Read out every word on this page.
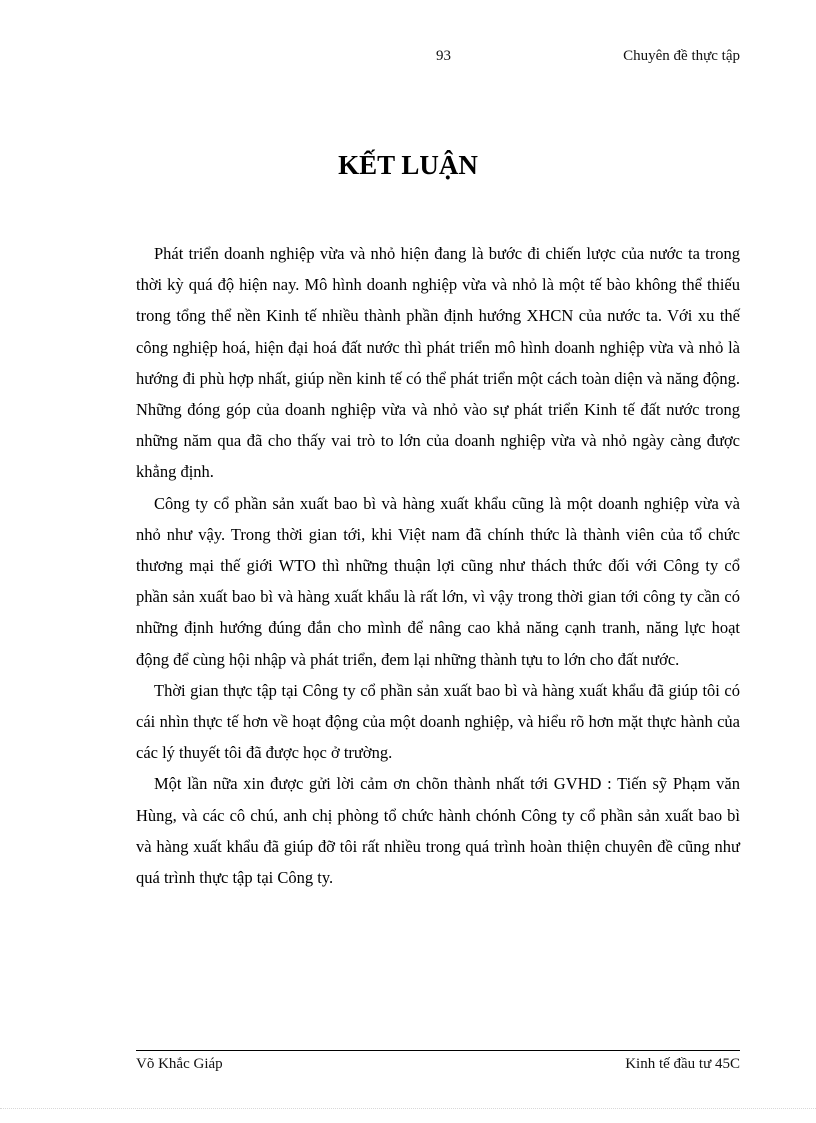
93	Chuyên đề thực tập
KẾT LUẬN

Phát triển doanh nghiệp vừa và nhỏ hiện đang là bước đi chiến lược của nước ta trong thời kỳ quá độ hiện nay. Mô hình doanh nghiệp vừa và nhỏ là một tế bào không thể thiếu trong tổng thể nền Kinh tế nhiều thành phần định hướng XHCN của nước ta. Với xu thế công nghiệp hoá, hiện đại hoá đất nước thì phát triển mô hình doanh nghiệp vừa và nhỏ là hướng đi phù hợp nhất, giúp nền kinh tế có thể phát triển một cách toàn diện và năng động. Những đóng góp của doanh nghiệp vừa và nhỏ vào sự phát triển Kinh tế đất nước trong những năm qua đã cho thấy vai trò to lớn của doanh nghiệp vừa và nhỏ ngày càng được khẳng định.

Công ty cổ phần sản xuất bao bì và hàng xuất khẩu cũng là một doanh nghiệp vừa và nhỏ như vậy. Trong thời gian tới, khi Việt nam đã chính thức là thành viên của tổ chức thương mại thế giới WTO thì những thuận lợi cũng như thách thức đối với Công ty cổ phần sản xuất bao bì và hàng xuất khẩu là rất lớn, vì vậy trong thời gian tới công ty cần có những định hướng đúng đắn cho mình để nâng cao khả năng cạnh tranh, năng lực hoạt động để cùng hội nhập và phát triển, đem lại những thành tựu to lớn cho đất nước.

Thời gian thực tập tại Công ty cổ phần sản xuất bao bì và hàng xuất khẩu đã giúp tôi có cái nhìn thực tế hơn về hoạt động của một doanh nghiệp, và hiểu rõ hơn mặt thực hành của các lý thuyết tôi đã được học ở trường.

Một lần nữa xin được gửi lời cảm ơn chõn thành nhất tới GVHD : Tiến sỹ Phạm văn Hùng, và các cô chú, anh chị phòng tổ chức hành chónh Công ty cổ phần sản xuất bao bì và hàng xuất khẩu đã giúp đỡ tôi rất nhiều trong quá trình hoàn thiện chuyên đề cũng như quá trình thực tập tại Công ty.

Võ Khắc Giáp	Kinh tế đầu tư 45C
